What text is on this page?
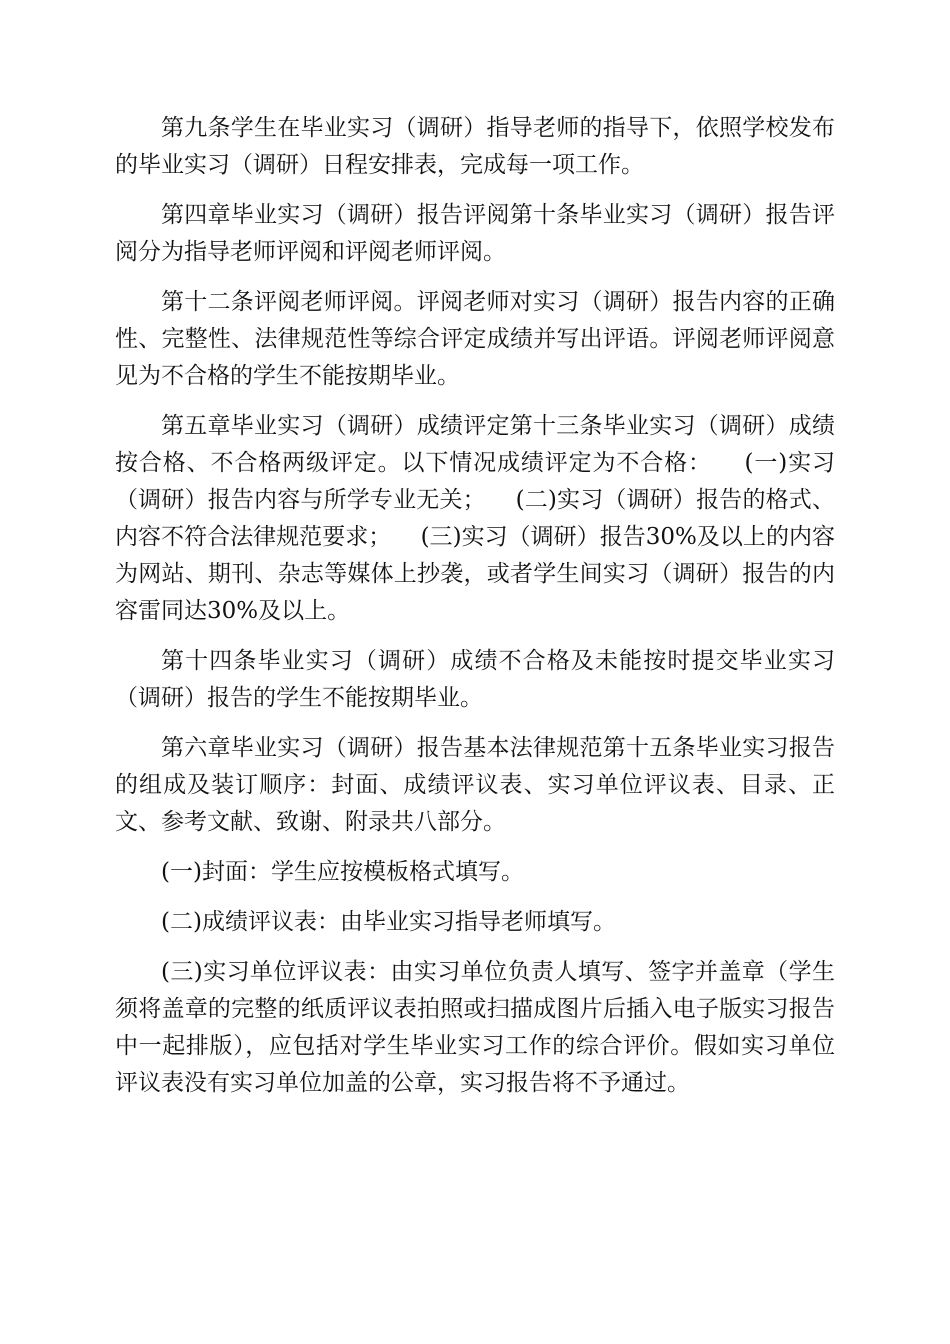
第九条学生在毕业实习（调研）指导老师的指导下，依照学校发布的毕业实习（调研）日程安排表，完成每一项工作。

第四章毕业实习（调研）报告评阅第十条毕业实习（调研）报告评阅分为指导老师评阅和评阅老师评阅。

第十二条评阅老师评阅。评阅老师对实习（调研）报告内容的正确性、完整性、法律规范性等综合评定成绩并写出评语。评阅老师评阅意见为不合格的学生不能按期毕业。

第五章毕业实习（调研）成绩评定第十三条毕业实习（调研）成绩按合格、不合格两级评定。以下情况成绩评定为不合格：    (一)实习（调研）报告内容与所学专业无关；    (二)实习（调研）报告的格式、内容不符合法律规范要求；    (三)实习（调研）报告30%及以上的内容为网站、期刊、杂志等媒体上抄袭，或者学生间实习（调研）报告的内容雷同达30%及以上。

第十四条毕业实习（调研）成绩不合格及未能按时提交毕业实习（调研）报告的学生不能按期毕业。

第六章毕业实习（调研）报告基本法律规范第十五条毕业实习报告的组成及装订顺序：封面、成绩评议表、实习单位评议表、目录、正文、参考文献、致谢、附录共八部分。

(一)封面：学生应按模板格式填写。

(二)成绩评议表：由毕业实习指导老师填写。

(三)实习单位评议表：由实习单位负责人填写、签字并盖章（学生须将盖章的完整的纸质评议表拍照或扫描成图片后插入电子版实习报告中一起排版），应包括对学生毕业实习工作的综合评价。假如实习单位评议表没有实习单位加盖的公章，实习报告将不予通过。
